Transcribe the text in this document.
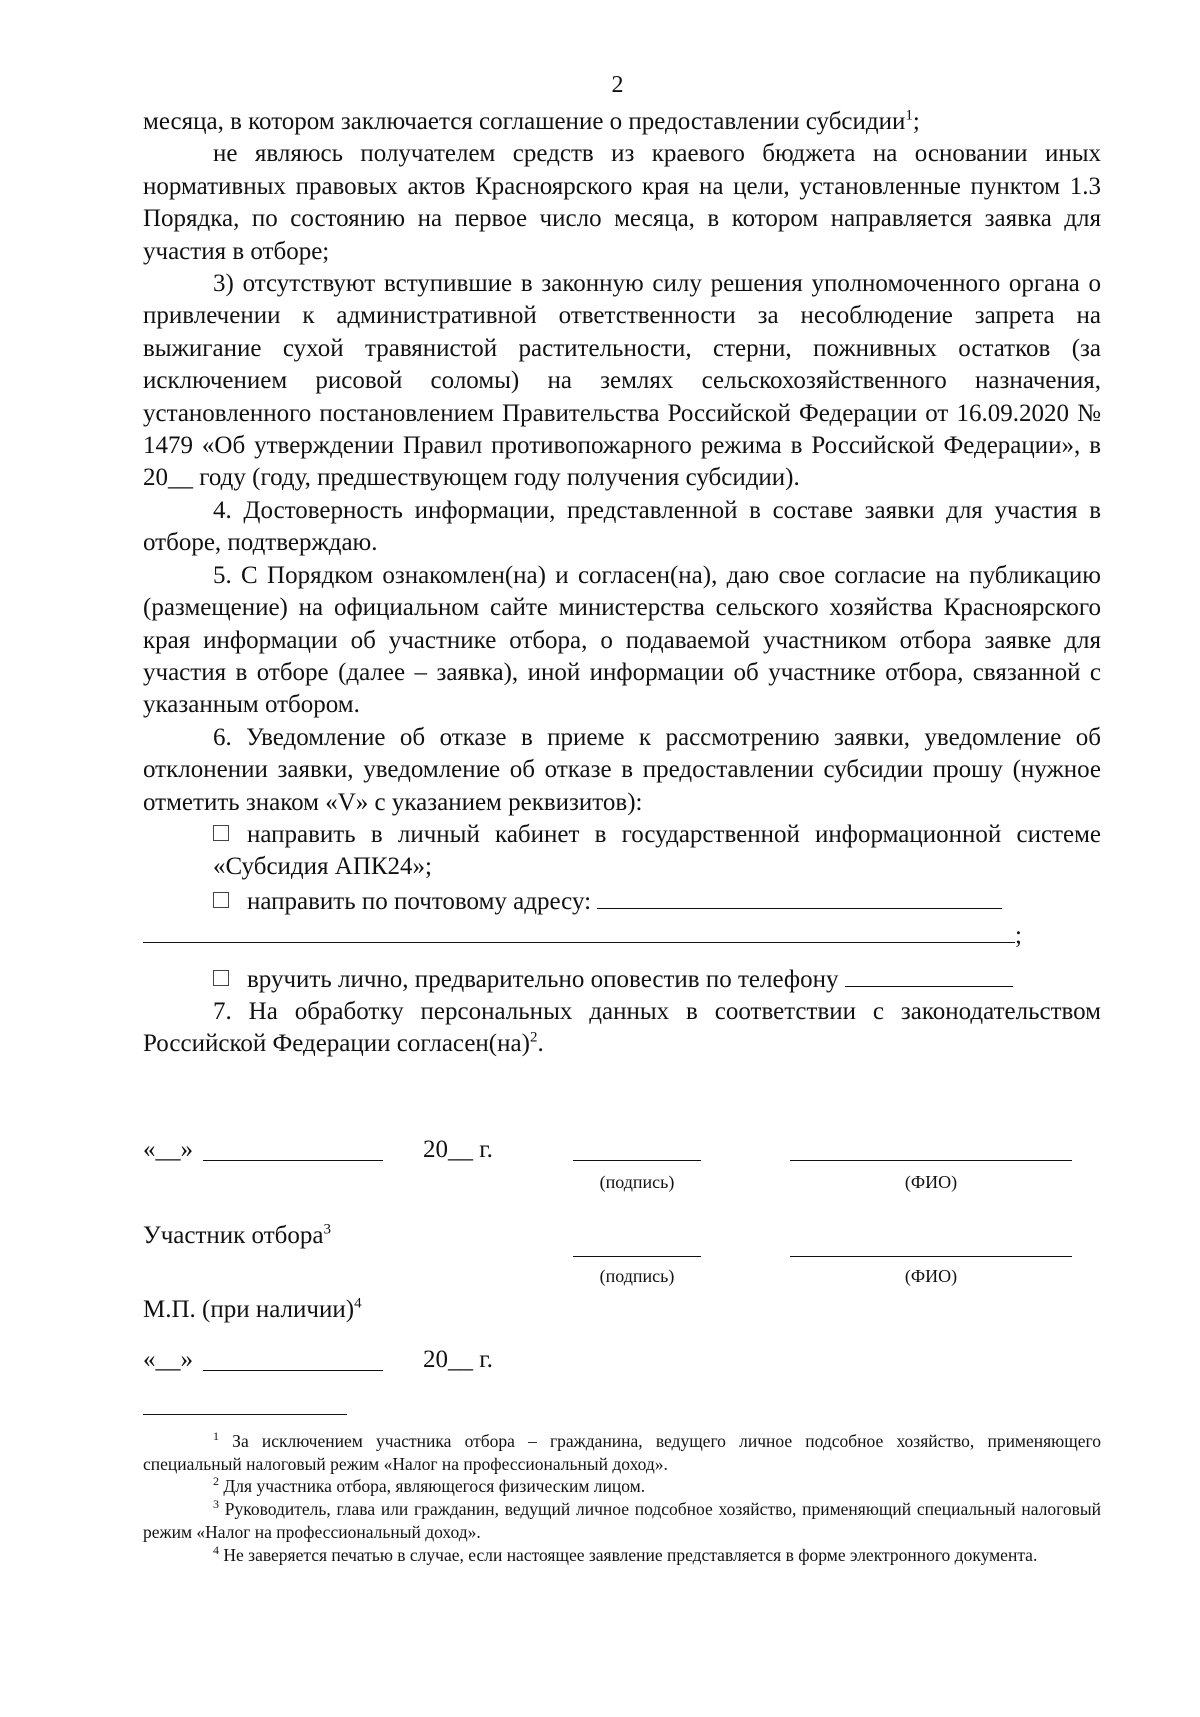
2

месяца, в котором заключается соглашение о предоставлении субсидии$^1$;

не являюсь получателем средств из краевого бюджета на основании иных нормативных правовых актов Красноярского края на цели, установленные пунктом 1.3 Порядка, по состоянию на первое число месяца, в котором направляется заявка для участия в отборе;

3) отсутствуют вступившие в законную силу решения уполномоченного органа о привлечении к административной ответственности за несоблюдение запрета на выжигание сухой травянистой растительности, стерни, пожнивных остатков (за исключением рисовой соломы) на землях сельскохозяйственного назначения, установленного постановлением Правительства Российской Федерации от 16.09.2020 № 1479 «Об утверждении Правил противопожарного режима в Российской Федерации», в 20__ году (году, предшествующем году получения субсидии).

4. Достоверность информации, представленной в составе заявки для участия в отборе, подтверждаю.

5. С Порядком ознакомлен(на) и согласен(на), даю свое согласие на публикацию (размещение) на официальном сайте министерства сельского хозяйства Красноярского края информации об участнике отбора, о подаваемой участником отбора заявке для участия в отборе (далее – заявка), иной информации об участнике отбора, связанной с указанным отбором.

6. Уведомление об отказе в приеме к рассмотрению заявки, уведомление об отклонении заявки, уведомление об отказе в предоставлении субсидии прошу (нужное отметить знаком «V» с указанием реквизитов):

направить в личный кабинет в государственной информационной системе «Субсидия АПК24»;

направить по почтовому адресу:

;

вручить лично, предварительно оповестив по телефону

7. На обработку персональных данных в соответствии с законодательством Российской Федерации согласен(на)$^2$.

«__»	20__ г.
(подпись)	(ФИО)
Участник отбора$^3$
(подпись)	(ФИО)
М.П. (при наличии)$^4$
«__»	20__ г.

$^1$ За исключением участника отбора – гражданина, ведущего личное подсобное хозяйство, применяющего специальный налоговый режим «Налог на профессиональный доход».

$^2$ Для участника отбора, являющегося физическим лицом.

$^3$ Руководитель, глава или гражданин, ведущий личное подсобное хозяйство, применяющий специальный налоговый режим «Налог на профессиональный доход».

$^4$ Не заверяется печатью в случае, если настоящее заявление представляется в форме электронного документа.
